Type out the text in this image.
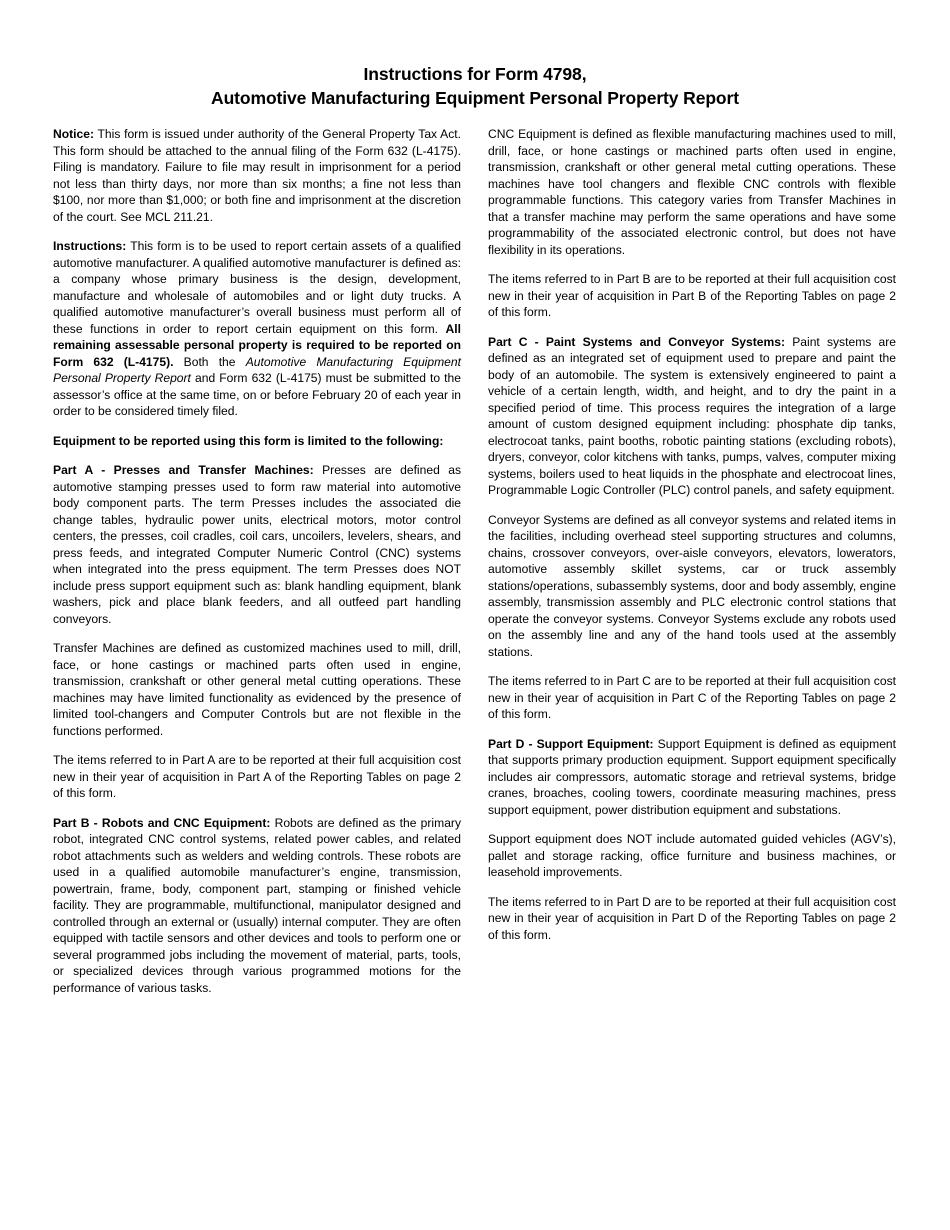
Instructions for Form 4798,
Automotive Manufacturing Equipment Personal Property Report

Notice: This form is issued under authority of the General Property Tax Act. This form should be attached to the annual filing of the Form 632 (L-4175). Filing is mandatory. Failure to file may result in imprisonment for a period not less than thirty days, nor more than six months; a fine not less than $100, nor more than $1,000; or both fine and imprisonment at the discretion of the court. See MCL 211.21.

Instructions: This form is to be used to report certain assets of a qualified automotive manufacturer. A qualified automotive manufacturer is defined as: a company whose primary business is the design, development, manufacture and wholesale of automobiles and or light duty trucks. A qualified automotive manufacturer’s overall business must perform all of these functions in order to report certain equipment on this form. All remaining assessable personal property is required to be reported on Form 632 (L-4175). Both the Automotive Manufacturing Equipment Personal Property Report and Form 632 (L-4175) must be submitted to the assessor’s office at the same time, on or before February 20 of each year in order to be considered timely filed.

Equipment to be reported using this form is limited to the following:

Part A - Presses and Transfer Machines: Presses are defined as automotive stamping presses used to form raw material into automotive body component parts. The term Presses includes the associated die change tables, hydraulic power units, electrical motors, motor control centers, the presses, coil cradles, coil cars, uncoilers, levelers, shears, and press feeds, and integrated Computer Numeric Control (CNC) systems when integrated into the press equipment. The term Presses does NOT include press support equipment such as: blank handling equipment, blank washers, pick and place blank feeders, and all outfeed part handling conveyors.

Transfer Machines are defined as customized machines used to mill, drill, face, or hone castings or machined parts often used in engine, transmission, crankshaft or other general metal cutting operations. These machines may have limited functionality as evidenced by the presence of limited tool-changers and Computer Controls but are not flexible in the functions performed.

The items referred to in Part A are to be reported at their full acquisition cost new in their year of acquisition in Part A of the Reporting Tables on page 2 of this form.

Part B - Robots and CNC Equipment: Robots are defined as the primary robot, integrated CNC control systems, related power cables, and related robot attachments such as welders and welding controls. These robots are used in a qualified automobile manufacturer’s engine, transmission, powertrain, frame, body, component part, stamping or finished vehicle facility. They are programmable, multifunctional, manipulator designed and controlled through an external or (usually) internal computer. They are often equipped with tactile sensors and other devices and tools to perform one or several programmed jobs including the movement of material, parts, tools, or specialized devices through various programmed motions for the performance of various tasks.

CNC Equipment is defined as flexible manufacturing machines used to mill, drill, face, or hone castings or machined parts often used in engine, transmission, crankshaft or other general metal cutting operations. These machines have tool changers and flexible CNC controls with flexible programmable functions. This category varies from Transfer Machines in that a transfer machine may perform the same operations and have some programmability of the associated electronic control, but does not have flexibility in its operations.

The items referred to in Part B are to be reported at their full acquisition cost new in their year of acquisition in Part B of the Reporting Tables on page 2 of this form.

Part C - Paint Systems and Conveyor Systems: Paint systems are defined as an integrated set of equipment used to prepare and paint the body of an automobile. The system is extensively engineered to paint a vehicle of a certain length, width, and height, and to dry the paint in a specified period of time. This process requires the integration of a large amount of custom designed equipment including: phosphate dip tanks, electrocoat tanks, paint booths, robotic painting stations (excluding robots), dryers, conveyor, color kitchens with tanks, pumps, valves, computer mixing systems, boilers used to heat liquids in the phosphate and electrocoat lines, Programmable Logic Controller (PLC) control panels, and safety equipment.

Conveyor Systems are defined as all conveyor systems and related items in the facilities, including overhead steel supporting structures and columns, chains, crossover conveyors, over-aisle conveyors, elevators, lowerators, automotive assembly skillet systems, car or truck assembly stations/operations, subassembly systems, door and body assembly, engine assembly, transmission assembly and PLC electronic control stations that operate the conveyor systems. Conveyor Systems exclude any robots used on the assembly line and any of the hand tools used at the assembly stations.

The items referred to in Part C are to be reported at their full acquisition cost new in their year of acquisition in Part C of the Reporting Tables on page 2 of this form.

Part D - Support Equipment: Support Equipment is defined as equipment that supports primary production equipment. Support equipment specifically includes air compressors, automatic storage and retrieval systems, bridge cranes, broaches, cooling towers, coordinate measuring machines, press support equipment, power distribution equipment and substations.

Support equipment does NOT include automated guided vehicles (AGV’s), pallet and storage racking, office furniture and business machines, or leasehold improvements.

The items referred to in Part D are to be reported at their full acquisition cost new in their year of acquisition in Part D of the Reporting Tables on page 2 of this form.
